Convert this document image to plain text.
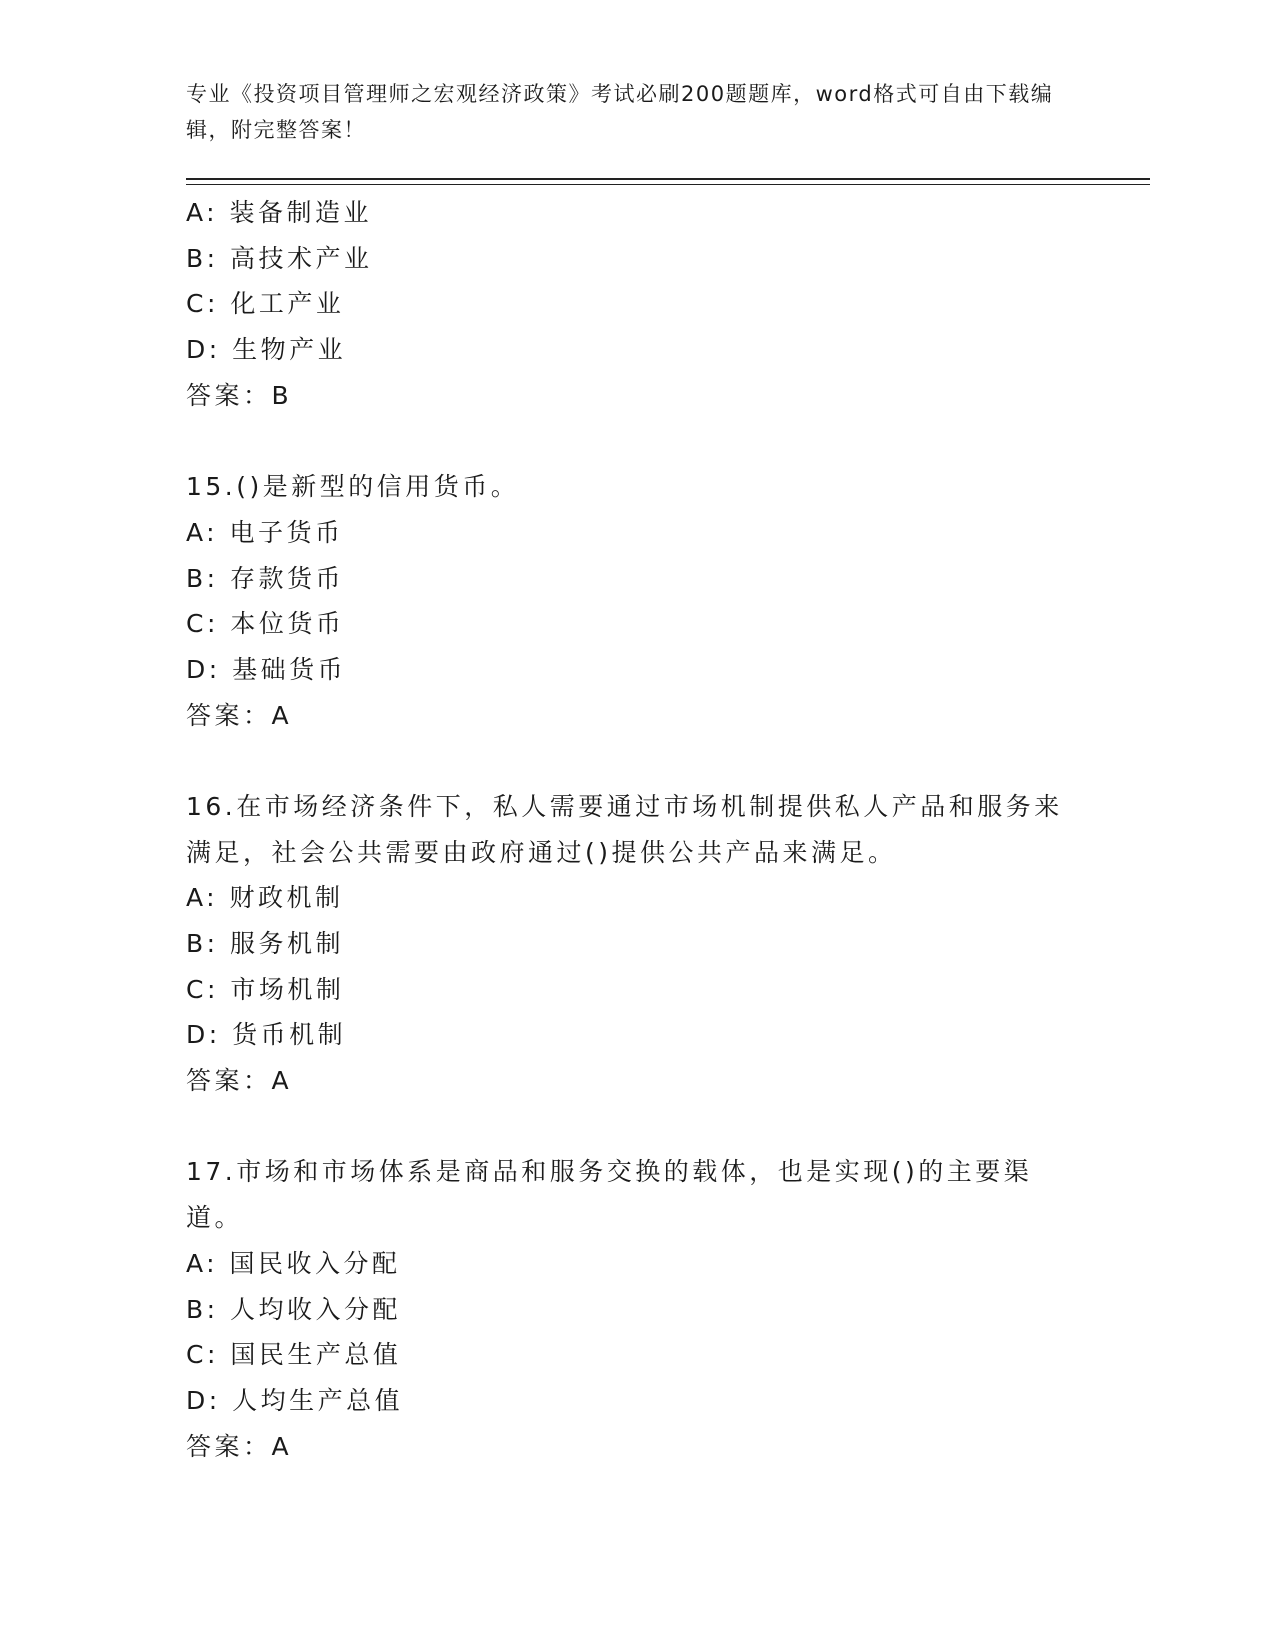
专业《投资项目管理师之宏观经济政策》考试必刷200题题库，word格式可自由下载编辑，附完整答案！
A: 装备制造业
B: 高技术产业
C: 化工产业
D: 生物产业
答案：B
15.()是新型的信用货币。
A: 电子货币
B: 存款货币
C: 本位货币
D: 基础货币
答案：A
16.在市场经济条件下，私人需要通过市场机制提供私人产品和服务来满足，社会公共需要由政府通过()提供公共产品来满足。
A: 财政机制
B: 服务机制
C: 市场机制
D: 货币机制
答案：A
17.市场和市场体系是商品和服务交换的载体，也是实现()的主要渠道。
A: 国民收入分配
B: 人均收入分配
C: 国民生产总值
D: 人均生产总值
答案：A
